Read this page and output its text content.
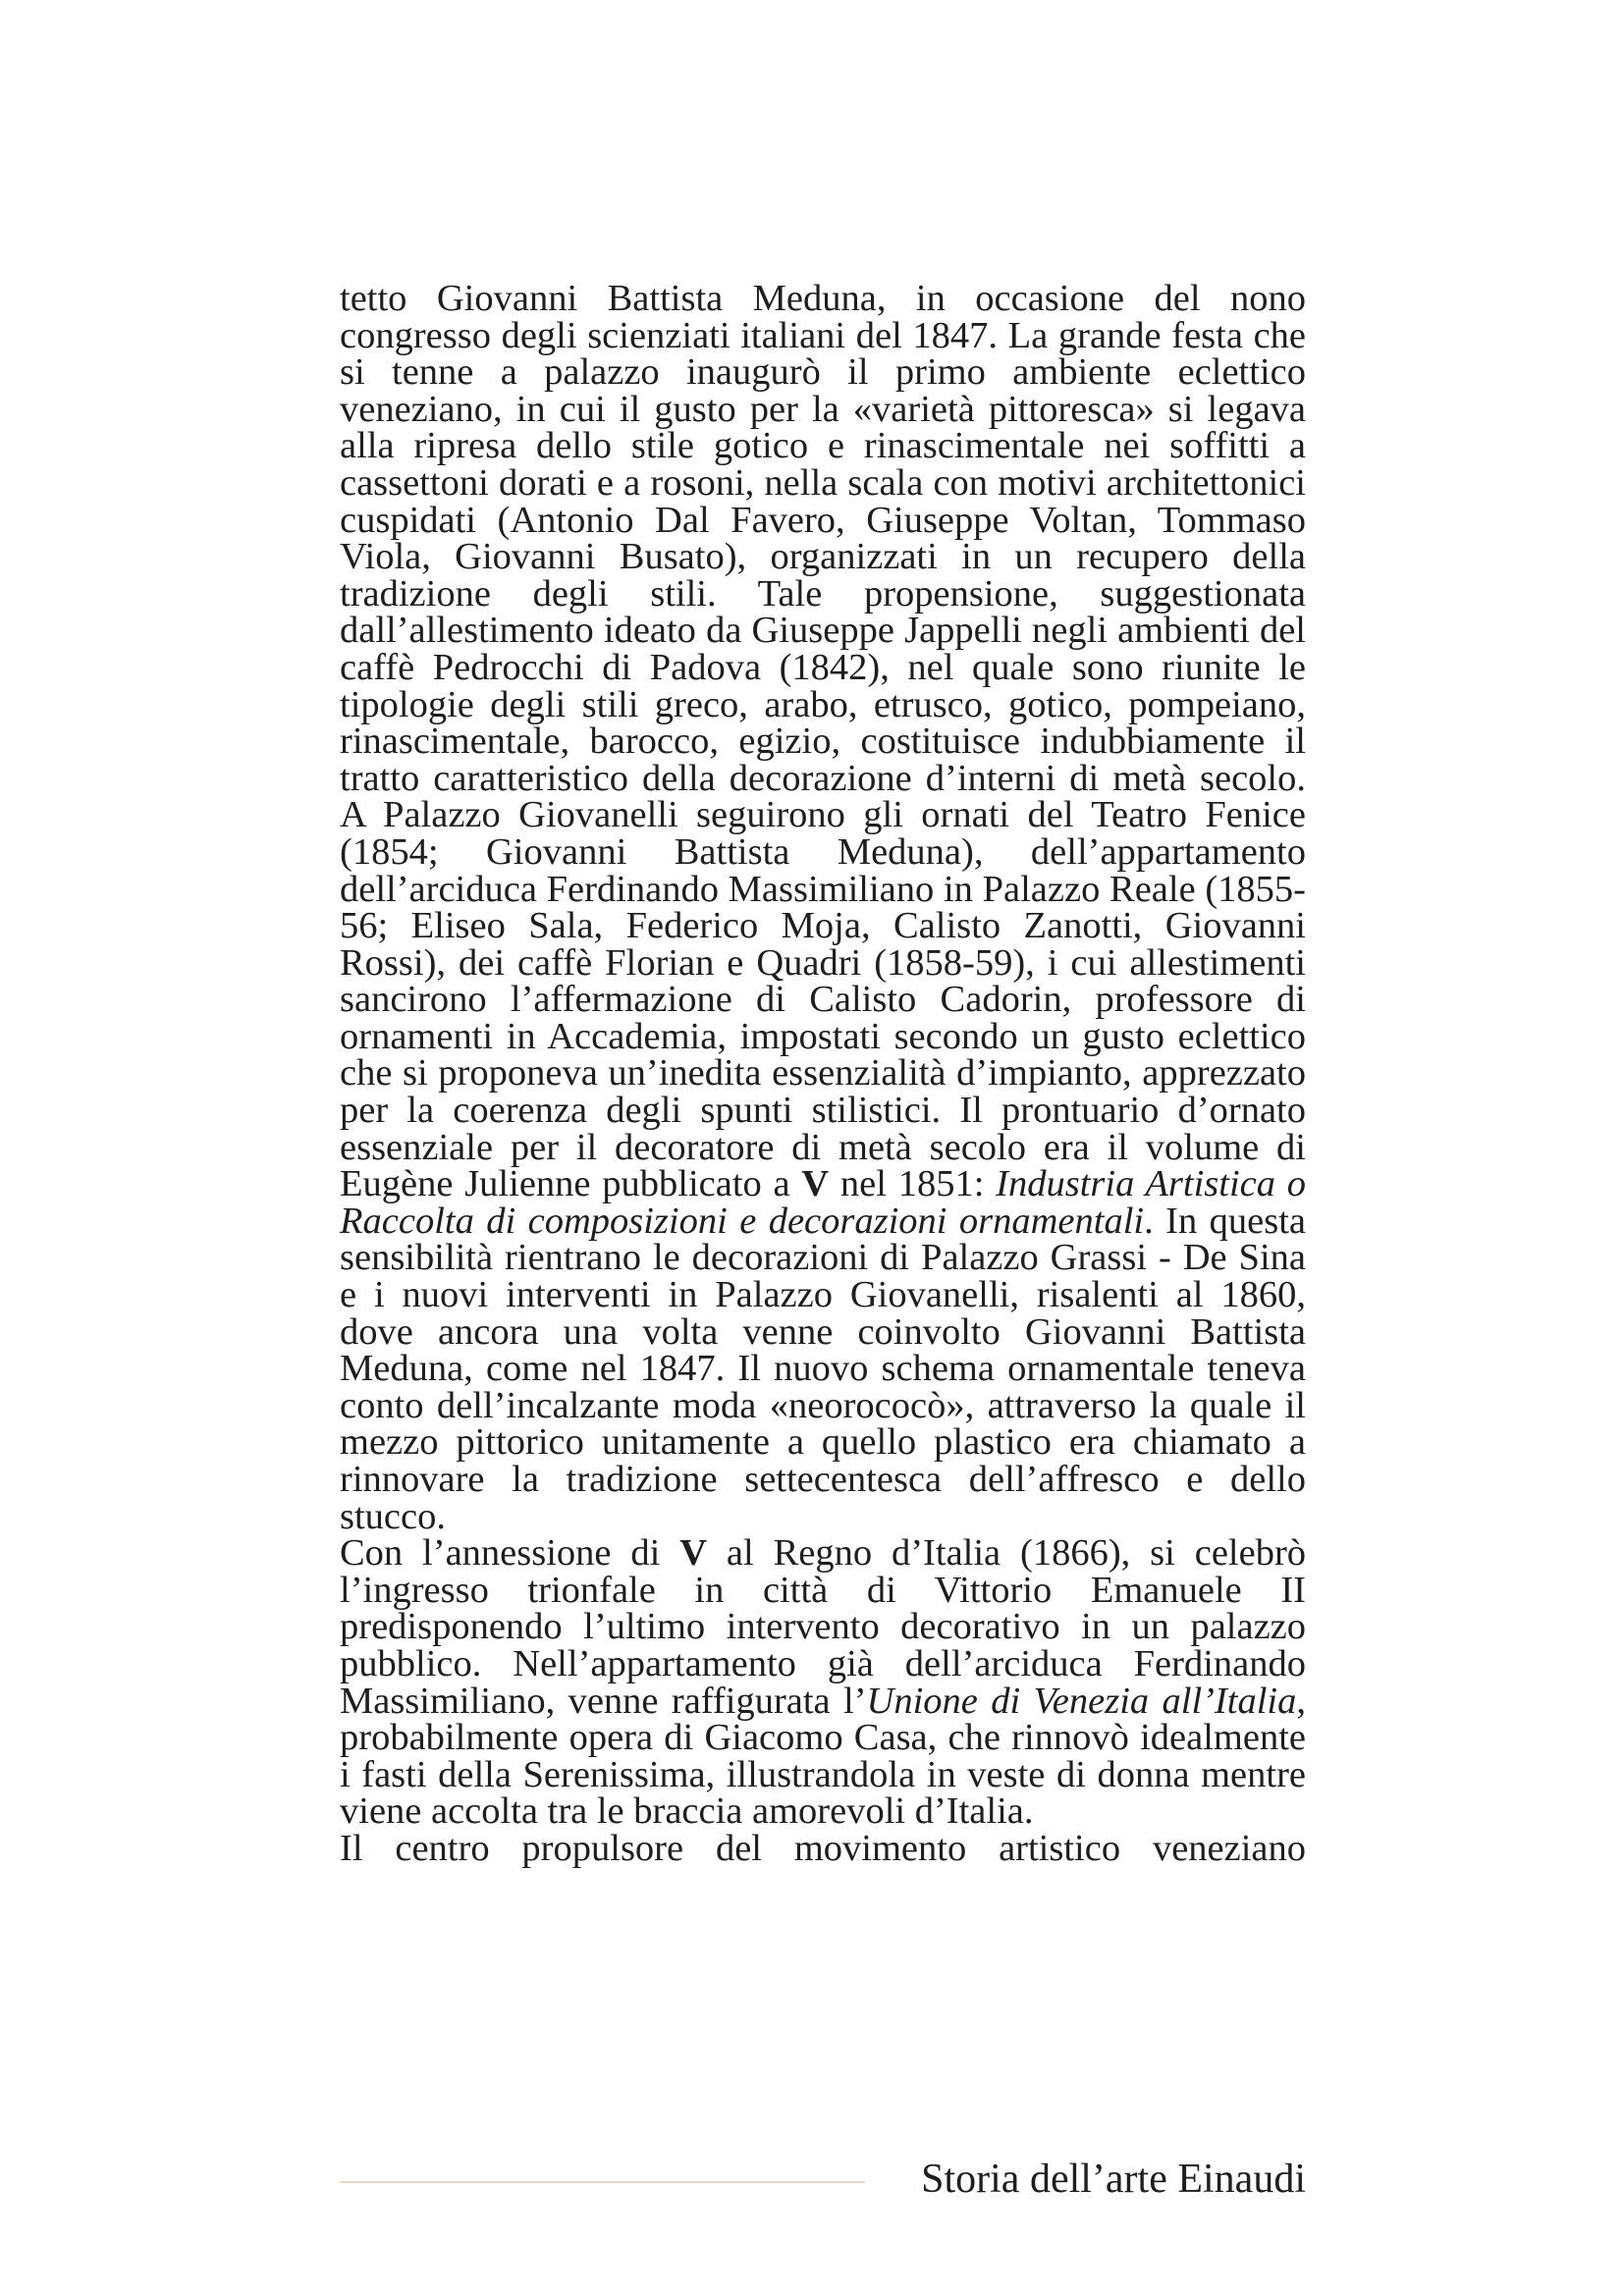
tetto Giovanni Battista Meduna, in occasione del nono congresso degli scienziati italiani del 1847. La grande festa che si tenne a palazzo inaugurò il primo ambiente eclettico veneziano, in cui il gusto per la «varietà pittoresca» si legava alla ripresa dello stile gotico e rinascimentale nei soffitti a cassettoni dorati e a rosoni, nella scala con motivi architettonici cuspidati (Antonio Dal Favero, Giuseppe Voltan, Tommaso Viola, Giovanni Busato), organizzati in un recupero della tradizione degli stili. Tale propensione, suggestionata dall’allestimento ideato da Giuseppe Jappelli negli ambienti del caffè Pedrocchi di Padova (1842), nel quale sono riunite le tipologie degli stili greco, arabo, etrusco, gotico, pompeiano, rinascimentale, barocco, egizio, costituisce indubbiamente il tratto caratteristico della decorazione d’interni di metà secolo. A Palazzo Giovanelli seguirono gli ornati del Teatro Fenice (1854; Giovanni Battista Meduna), dell’appartamento dell’arciduca Ferdinando Massimiliano in Palazzo Reale (1855-56; Eliseo Sala, Federico Moja, Calisto Zanotti, Giovanni Rossi), dei caffè Florian e Quadri (1858-59), i cui allestimenti sancirono l’affermazione di Calisto Cadorin, professore di ornamenti in Accademia, impostati secondo un gusto eclettico che si proponeva un’inedita essenzialità d’impianto, apprezzato per la coerenza degli spunti stilistici. Il prontuario d’ornato essenziale per il decoratore di metà secolo era il volume di Eugène Julienne pubblicato a V nel 1851: Industria Artistica o Raccolta di composizioni e decorazioni ornamentali. In questa sensibilità rientrano le decorazioni di Palazzo Grassi - De Sina e i nuovi interventi in Palazzo Giovanelli, risalenti al 1860, dove ancora una volta venne coinvolto Giovanni Battista Meduna, come nel 1847. Il nuovo schema ornamentale teneva conto dell’incalzante moda «neorococò», attraverso la quale il mezzo pittorico unitamente a quello plastico era chiamato a rinnovare la tradizione settecentesca dell’affresco e dello stucco.

Con l’annessione di V al Regno d’Italia (1866), si celebrò l’ingresso trionfale in città di Vittorio Emanuele II predisponendo l’ultimo intervento decorativo in un palazzo pubblico. Nell’appartamento già dell’arciduca Ferdinando Massimiliano, venne raffigurata l’Unione di Venezia all’Italia, probabilmente opera di Giacomo Casa, che rinnovò idealmente i fasti della Serenissima, illustrandola in veste di donna mentre viene accolta tra le braccia amorevoli d’Italia.

Il centro propulsore del movimento artistico veneziano

Storia dell’arte Einaudi
